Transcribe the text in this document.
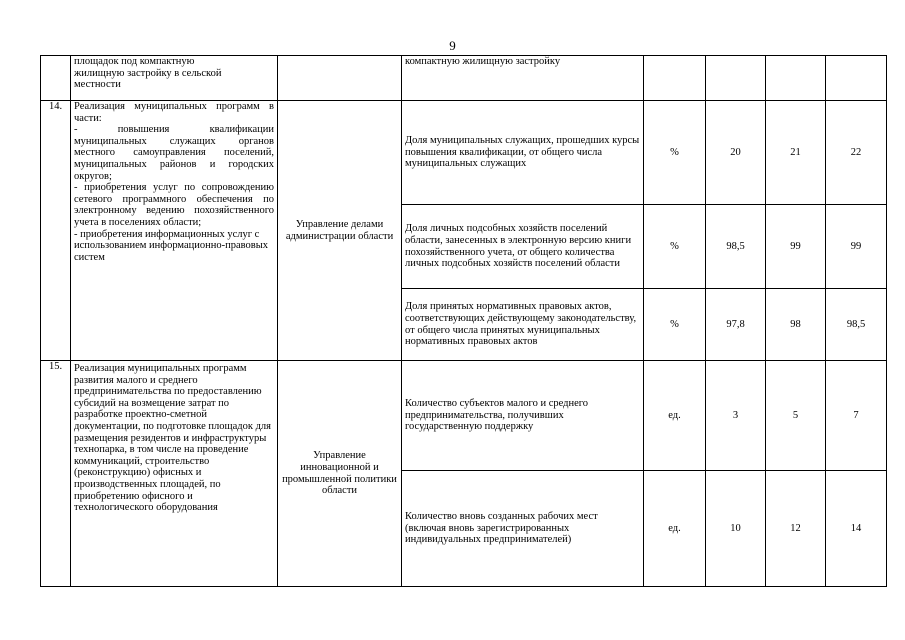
9

	площадок под компактную
жилищную застройку в сельской
местности		компактную жилищную застройку				
14.	Реализация муниципальных программ в части:
- повышения квалификации муниципальных служащих органов местного самоуправления поселений, муниципальных районов и городских округов;
- приобретения услуг по сопровождению сетевого программного обеспечения по электронному ведению похозяйственного учета в поселениях области;
- приобретения информационных услуг с использованием информационно-правовых систем	Управление делами администрации области	Доля муниципальных служащих, прошедших курсы повышения квалификации, от общего числа муниципальных служащих	%	20	21	22
			Доля личных подсобных хозяйств поселений области, занесенных в электронную версию книги похозяйственного учета, от общего количества личных подсобных хозяйств поселений области	%	98,5	99	99
			Доля принятых нормативных правовых актов, соответствующих действующему законодательству, от общего числа принятых муниципальных нормативных правовых актов	%	97,8	98	98,5
15.	Реализация муниципальных программ развития малого и среднего предпринимательства по предоставлению субсидий на возмещение затрат по разработке проектно-сметной документации, по подготовке площадок для размещения резидентов и инфраструктуры технопарка, в том числе на проведение коммуникаций, строительство (реконструкцию) офисных и производственных площадей, по приобретению офисного и технологического оборудования	Управление инновационной и промышленной политики области	Количество субъектов малого и среднего предпринимательства, получивших государственную поддержку	ед.	3	5	7
			Количество вновь созданных рабочих мест (включая вновь зарегистрированных индивидуальных предпринимателей)	ед.	10	12	14
